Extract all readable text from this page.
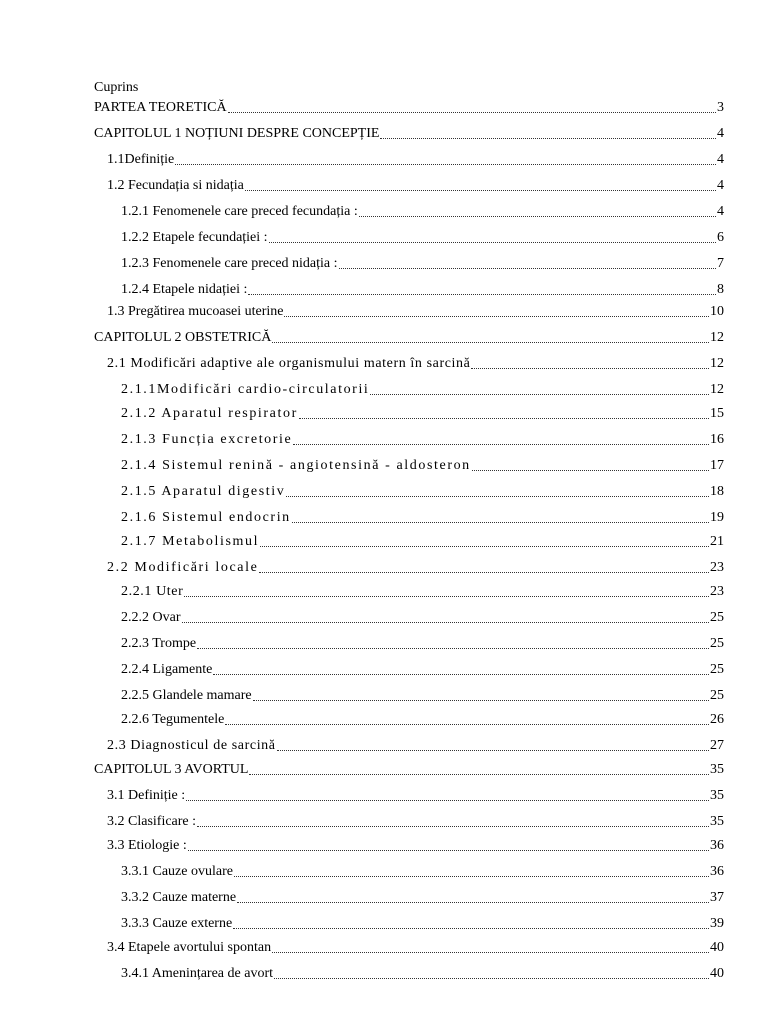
Cuprins
PARTEA TEORETICĂ	3
CAPITOLUL 1 NOȚIUNI DESPRE CONCEPȚIE	4
1.1Definiție	4
1.2 Fecundația si nidația	4
1.2.1 Fenomenele care preced fecundația :	4
1.2.2 Etapele fecundației :	6
1.2.3 Fenomenele care preced nidația :	7
1.2.4 Etapele nidației :	8
1.3 Pregătirea mucoasei uterine	10
CAPITOLUL 2 OBSTETRICĂ	12
2.1 Modificări adaptive ale organismului matern în sarcină	12
2.1.1Modificări cardio-circulatorii	12
2.1.2 Aparatul respirator	15
2.1.3 Funcția excretorie	16
2.1.4 Sistemul renină - angiotensină - aldosteron	17
2.1.5 Aparatul digestiv	18
2.1.6 Sistemul endocrin	19
2.1.7 Metabolismul	21
2.2 Modificări locale	23
2.2.1 Uter	23
2.2.2 Ovar	25
2.2.3 Trompe	25
2.2.4 Ligamente	25
2.2.5 Glandele mamare	25
2.2.6 Tegumentele	26
2.3 Diagnosticul de sarcină	27
CAPITOLUL 3 AVORTUL	35
3.1 Definiție :	35
3.2 Clasificare :	35
3.3 Etiologie :	36
3.3.1 Cauze ovulare	36
3.3.2 Cauze materne	37
3.3.3 Cauze externe	39
3.4 Etapele avortului spontan	40
3.4.1 Amenințarea de avort	40
